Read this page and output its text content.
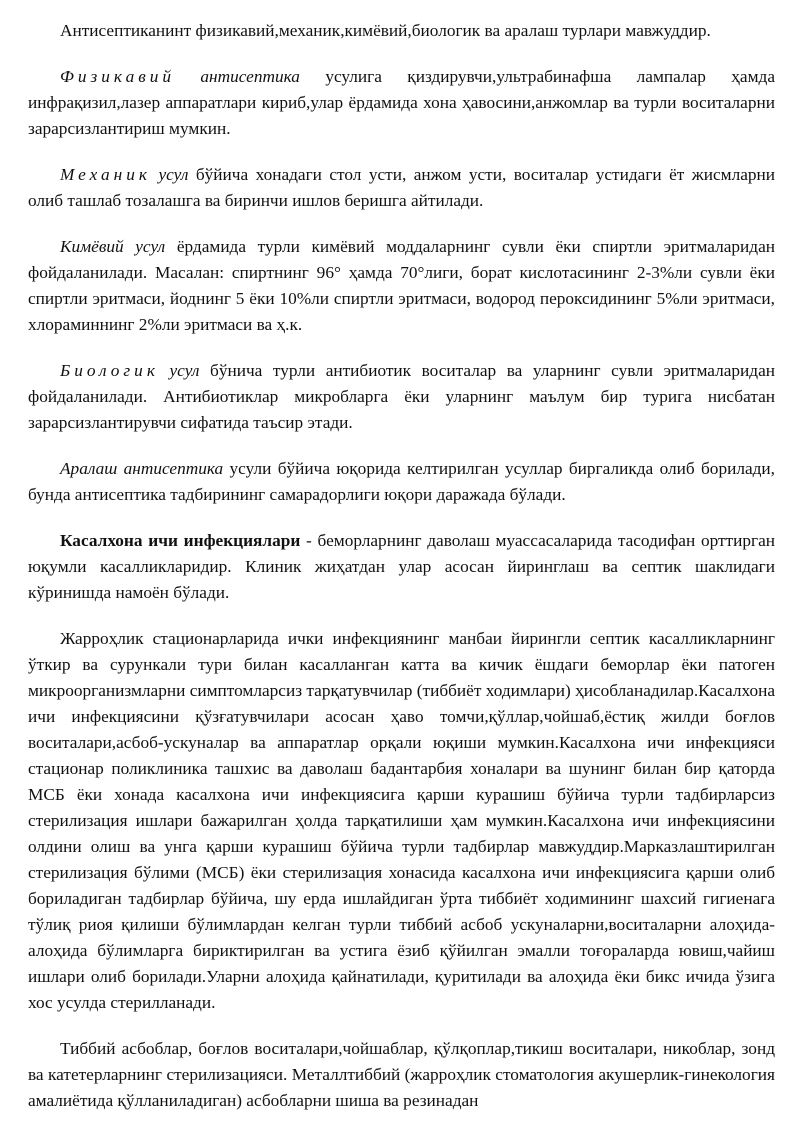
Антисептиканинт физикавий,механик,кимёвий,биологик ва аралаш турлари мавжуддир.

Физикавий антисептика усулига қиздирувчи,ультрабинафша лампалар ҳамда инфрақизил,лазер аппаратлари кириб,улар ёрдамида хона ҳавосини,анжомлар ва турли воситаларни зарарсизлантириш мумкин.

Механик усул бўйича хонадаги стол усти, анжом усти, воситалар устидаги ёт жисмларни олиб ташлаб тозалашга ва биринчи ишлов беришга айтилади.

Кимёвий усул ёрдамида турли кимёвий моддаларнинг сувли ёки спиртли эритмаларидан фойдаланилади. Масалан: спиртнинг 96° ҳамда 70°лиги, борат кислотасининг 2-3%ли сувли ёки спиртли эритмаси, йоднинг 5 ёки 10%ли спиртли эритмаси, водород пероксидининг 5%ли эритмаси, хлораминнинг 2%ли эритмаси ва ҳ.к.

Биологик усул бўнича турли антибиотик воситалар ва уларнинг сувли эритмаларидан фойдаланилади. Антибиотиклар микробларга ёки уларнинг маълум бир турига нисбатан зарарсизлантирувчи сифатида таъсир этади.

Аралаш антисептика усули бўйича юқорида келтирилган усуллар биргаликда олиб борилади, бунда антисептика тадбирининг самарадорлиги юқори даражада бўлади.

Касалхона ичи инфекциялари - беморларнинг даволаш муассасаларида тасодифан орттирган юқумли касалликларидир. Клиник жиҳатдан улар асосан йиринглаш ва септик шаклидаги кўринишда намоён бўлади.

Жарроҳлик стационарларида ички инфекциянинг манбаи йирингли септик касалликларнинг ўткир ва сурункали тури билан касалланган катта ва кичик ёшдаги беморлар ёки патоген микроорганизмларни симптомларсиз тарқатувчилар (тиббиёт ходимлари) ҳисобланадилар.Касалхона ичи инфекциясини қўзғатувчилари асосан ҳаво томчи,қўллар,чойшаб,ёстиқ жилди боғлов воситалари,асбоб-ускуналар ва аппаратлар орқали юқиши мумкин.Касалхона ичи инфекцияси стационар поликлиника ташхис ва даволаш бадантарбия хоналари ва шунинг билан бир қаторда МСБ ёки хонада касалхона ичи инфекциясига қарши курашиш бўйича турли тадбирларсиз стерилизация ишлари бажарилган ҳолда тарқатилиши ҳам мумкин.Касалхона ичи инфекциясини олдини олиш ва унга қарши курашиш бўйича турли тадбирлар мавжуддир.Марказлаштирилган стерилизация бўлими (МСБ) ёки стерилизация хонасида касалхона ичи инфекциясига қарши олиб бориладиган тадбирлар бўйича, шу ерда ишлайдиган ўрта тиббиёт ходимининг шахсий гигиенага тўлиқ риоя қилиши бўлимлардан келган турли тиббий асбоб ускуналарни,воситаларни алоҳида-алоҳида бўлимларга бириктирилган ва устига ёзиб қўйилган эмалли тоғораларда ювиш,чайиш ишлари олиб борилади.Уларни алоҳида қайнатилади, қуритилади ва алоҳида ёки бикс ичида ўзига хос усулда стерилланади.

Тиббий асбоблар, боғлов воситалари,чойшаблар, қўлқоплар,тикиш воситалари, никоблар, зонд ва катетерларнинг стерилизацияси. Металлтиббий (жарроҳлик стоматология акушерлик-гинекология амалиётида қўлланиладиган) асбобларни шиша ва резинадан
